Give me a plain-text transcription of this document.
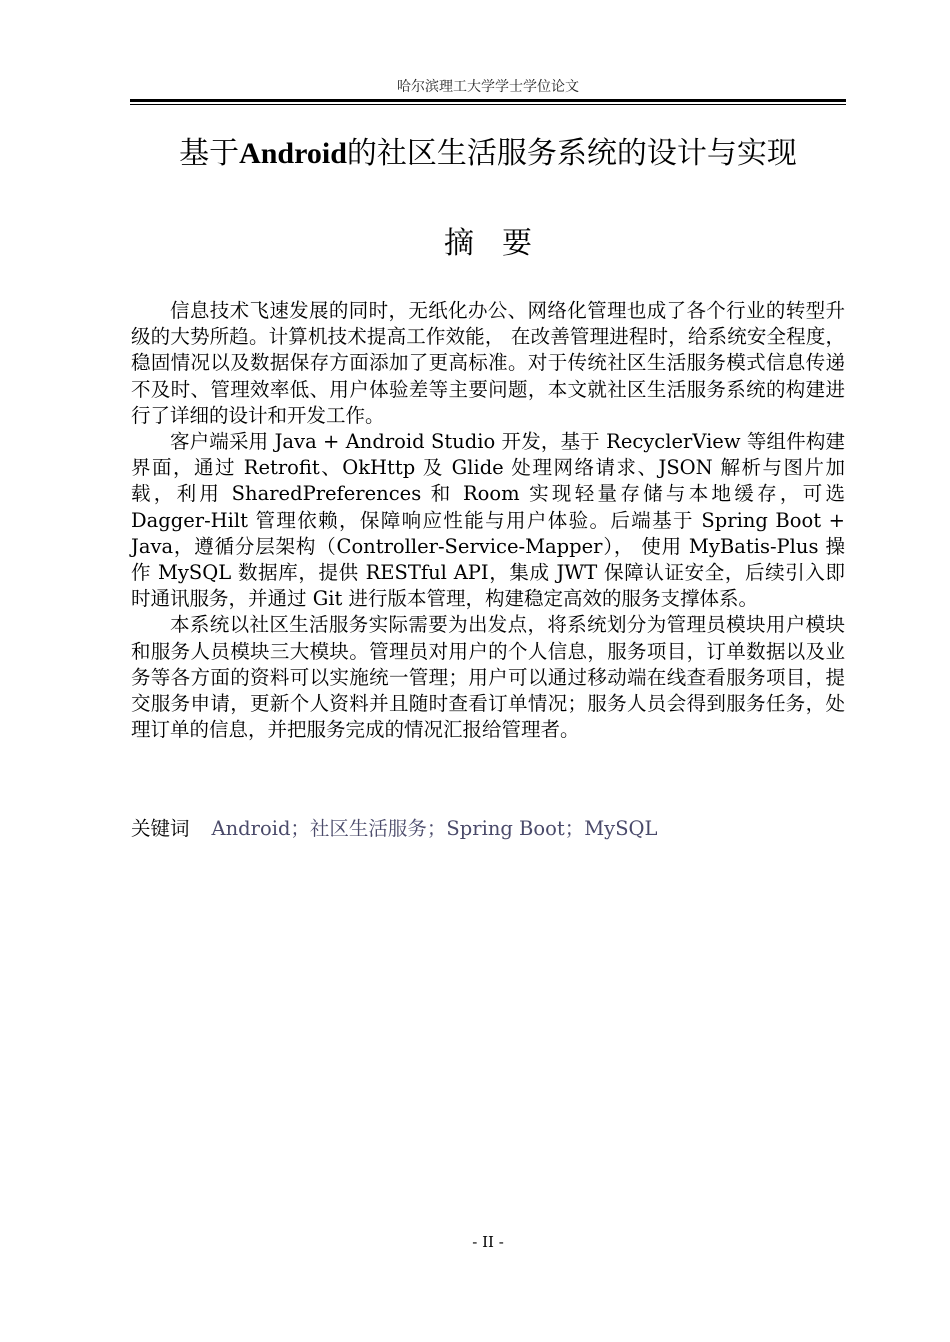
哈尔滨理工大学学士学位论文
基于Android的社区生活服务系统的设计与实现
摘要

信息技术飞速发展的同时，无纸化办公、网络化管理也成了各个行业的转型升级的大势所趋。计算机技术提高工作效能， 在改善管理进程时，给系统安全程度，稳固情况以及数据保存方面添加了更高标准。对于传统社区生活服务模式信息传递不及时、管理效率低、用户体验差等主要问题，本文就社区生活服务系统的构建进行了详细的设计和开发工作。

客户端采用 Java + Android Studio 开发，基于 RecyclerView 等组件构建界面，通过 Retrofit、OkHttp 及 Glide 处理网络请求、JSON 解析与图片加载，利用 SharedPreferences 和 Room 实现轻量存储与本地缓存，可选 Dagger-Hilt 管理依赖，保障响应性能与用户体验。后端基于 Spring Boot + Java，遵循分层架构（Controller-Service-Mapper）， 使用 MyBatis-Plus 操作 MySQL 数据库，提供 RESTful API，集成 JWT 保障认证安全，后续引入即时通讯服务，并通过 Git 进行版本管理，构建稳定高效的服务支撑体系。

本系统以社区生活服务实际需要为出发点，将系统划分为管理员模块用户模块和服务人员模块三大模块。管理员对用户的个人信息，服务项目，订单数据以及业务等各方面的资料可以实施统一管理；用户可以通过移动端在线查看服务项目，提交服务申请，更新个人资料并且随时查看订单情况；服务人员会得到服务任务，处理订单的信息，并把服务完成的情况汇报给管理者。

关键词 Android；社区生活服务；Spring Boot；MySQL
- II -
